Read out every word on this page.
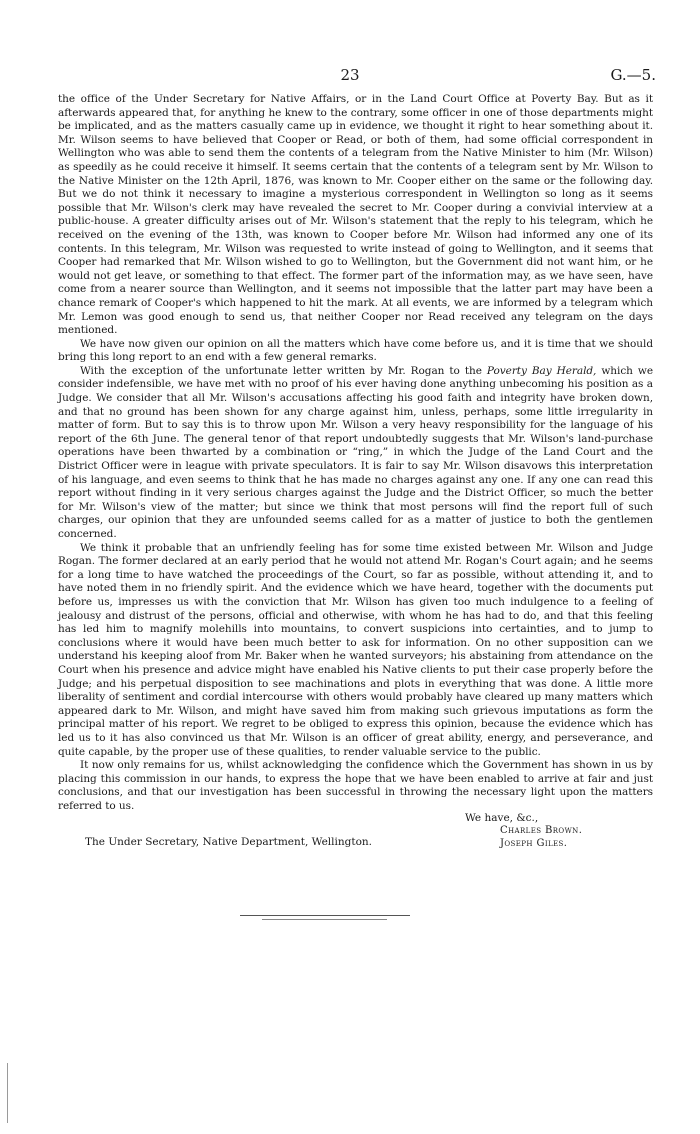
23	G.—5.

the office of the Under Secretary for Native Affairs, or in the Land Court Office at Poverty Bay. But as it afterwards appeared that, for anything he knew to the contrary, some officer in one of those departments might be implicated, and as the matters casually came up in evidence, we thought it right to hear something about it. Mr. Wilson seems to have believed that Cooper or Read, or both of them, had some official correspondent in Wellington who was able to send them the contents of a telegram from the Native Minister to him (Mr. Wilson) as speedily as he could receive it himself. It seems certain that the contents of a telegram sent by Mr. Wilson to the Native Minister on the 12th April, 1876, was known to Mr. Cooper either on the same or the following day. But we do not think it necessary to imagine a mysterious correspondent in Wellington so long as it seems possible that Mr. Wilson's clerk may have revealed the secret to Mr. Cooper during a convivial interview at a public-house. A greater difficulty arises out of Mr. Wilson's statement that the reply to his telegram, which he received on the evening of the 13th, was known to Cooper before Mr. Wilson had informed any one of its contents. In this telegram, Mr. Wilson was requested to write instead of going to Wellington, and it seems that Cooper had remarked that Mr. Wilson wished to go to Wellington, but the Government did not want him, or he would not get leave, or something to that effect. The former part of the information may, as we have seen, have come from a nearer source than Wellington, and it seems not impossible that the latter part may have been a chance remark of Cooper's which happened to hit the mark. At all events, we are informed by a telegram which Mr. Lemon was good enough to send us, that neither Cooper nor Read received any telegram on the days mentioned.

We have now given our opinion on all the matters which have come before us, and it is time that we should bring this long report to an end with a few general remarks.

With the exception of the unfortunate letter written by Mr. Rogan to the Poverty Bay Herald, which we consider indefensible, we have met with no proof of his ever having done anything unbecoming his position as a Judge. We consider that all Mr. Wilson's accusations affecting his good faith and integrity have broken down, and that no ground has been shown for any charge against him, unless, perhaps, some little irregularity in matter of form. But to say this is to throw upon Mr. Wilson a very heavy responsibility for the language of his report of the 6th June. The general tenor of that report undoubtedly suggests that Mr. Wilson's land-purchase operations have been thwarted by a combination or “ring,” in which the Judge of the Land Court and the District Officer were in league with private speculators. It is fair to say Mr. Wilson disavows this interpretation of his language, and even seems to think that he has made no charges against any one. If any one can read this report without finding in it very serious charges against the Judge and the District Officer, so much the better for Mr. Wilson's view of the matter; but since we think that most persons will find the report full of such charges, our opinion that they are unfounded seems called for as a matter of justice to both the gentlemen concerned.

We think it probable that an unfriendly feeling has for some time existed between Mr. Wilson and Judge Rogan. The former declared at an early period that he would not attend Mr. Rogan's Court again; and he seems for a long time to have watched the proceedings of the Court, so far as possible, without attending it, and to have noted them in no friendly spirit. And the evidence which we have heard, together with the documents put before us, impresses us with the conviction that Mr. Wilson has given too much indulgence to a feeling of jealousy and distrust of the persons, official and otherwise, with whom he has had to do, and that this feeling has led him to magnify molehills into mountains, to convert suspicions into certainties, and to jump to conclusions where it would have been much better to ask for information. On no other supposition can we understand his keeping aloof from Mr. Baker when he wanted surveyors; his abstaining from attendance on the Court when his presence and advice might have enabled his Native clients to put their case properly before the Judge; and his perpetual disposition to see machinations and plots in everything that was done. A little more liberality of sentiment and cordial intercourse with others would probably have cleared up many matters which appeared dark to Mr. Wilson, and might have saved him from making such grievous imputations as form the principal matter of his report. We regret to be obliged to express this opinion, because the evidence which has led us to it has also convinced us that Mr. Wilson is an officer of great ability, energy, and perseverance, and quite capable, by the proper use of these qualities, to render valuable service to the public.

It now only remains for us, whilst acknowledging the confidence which the Government has shown in us by placing this commission in our hands, to express the hope that we have been enabled to arrive at fair and just conclusions, and that our investigation has been successful in throwing the necessary light upon the matters referred to us.

We have, &c.,
Charles Brown.
Joseph Giles.
The Under Secretary, Native Department, Wellington.
